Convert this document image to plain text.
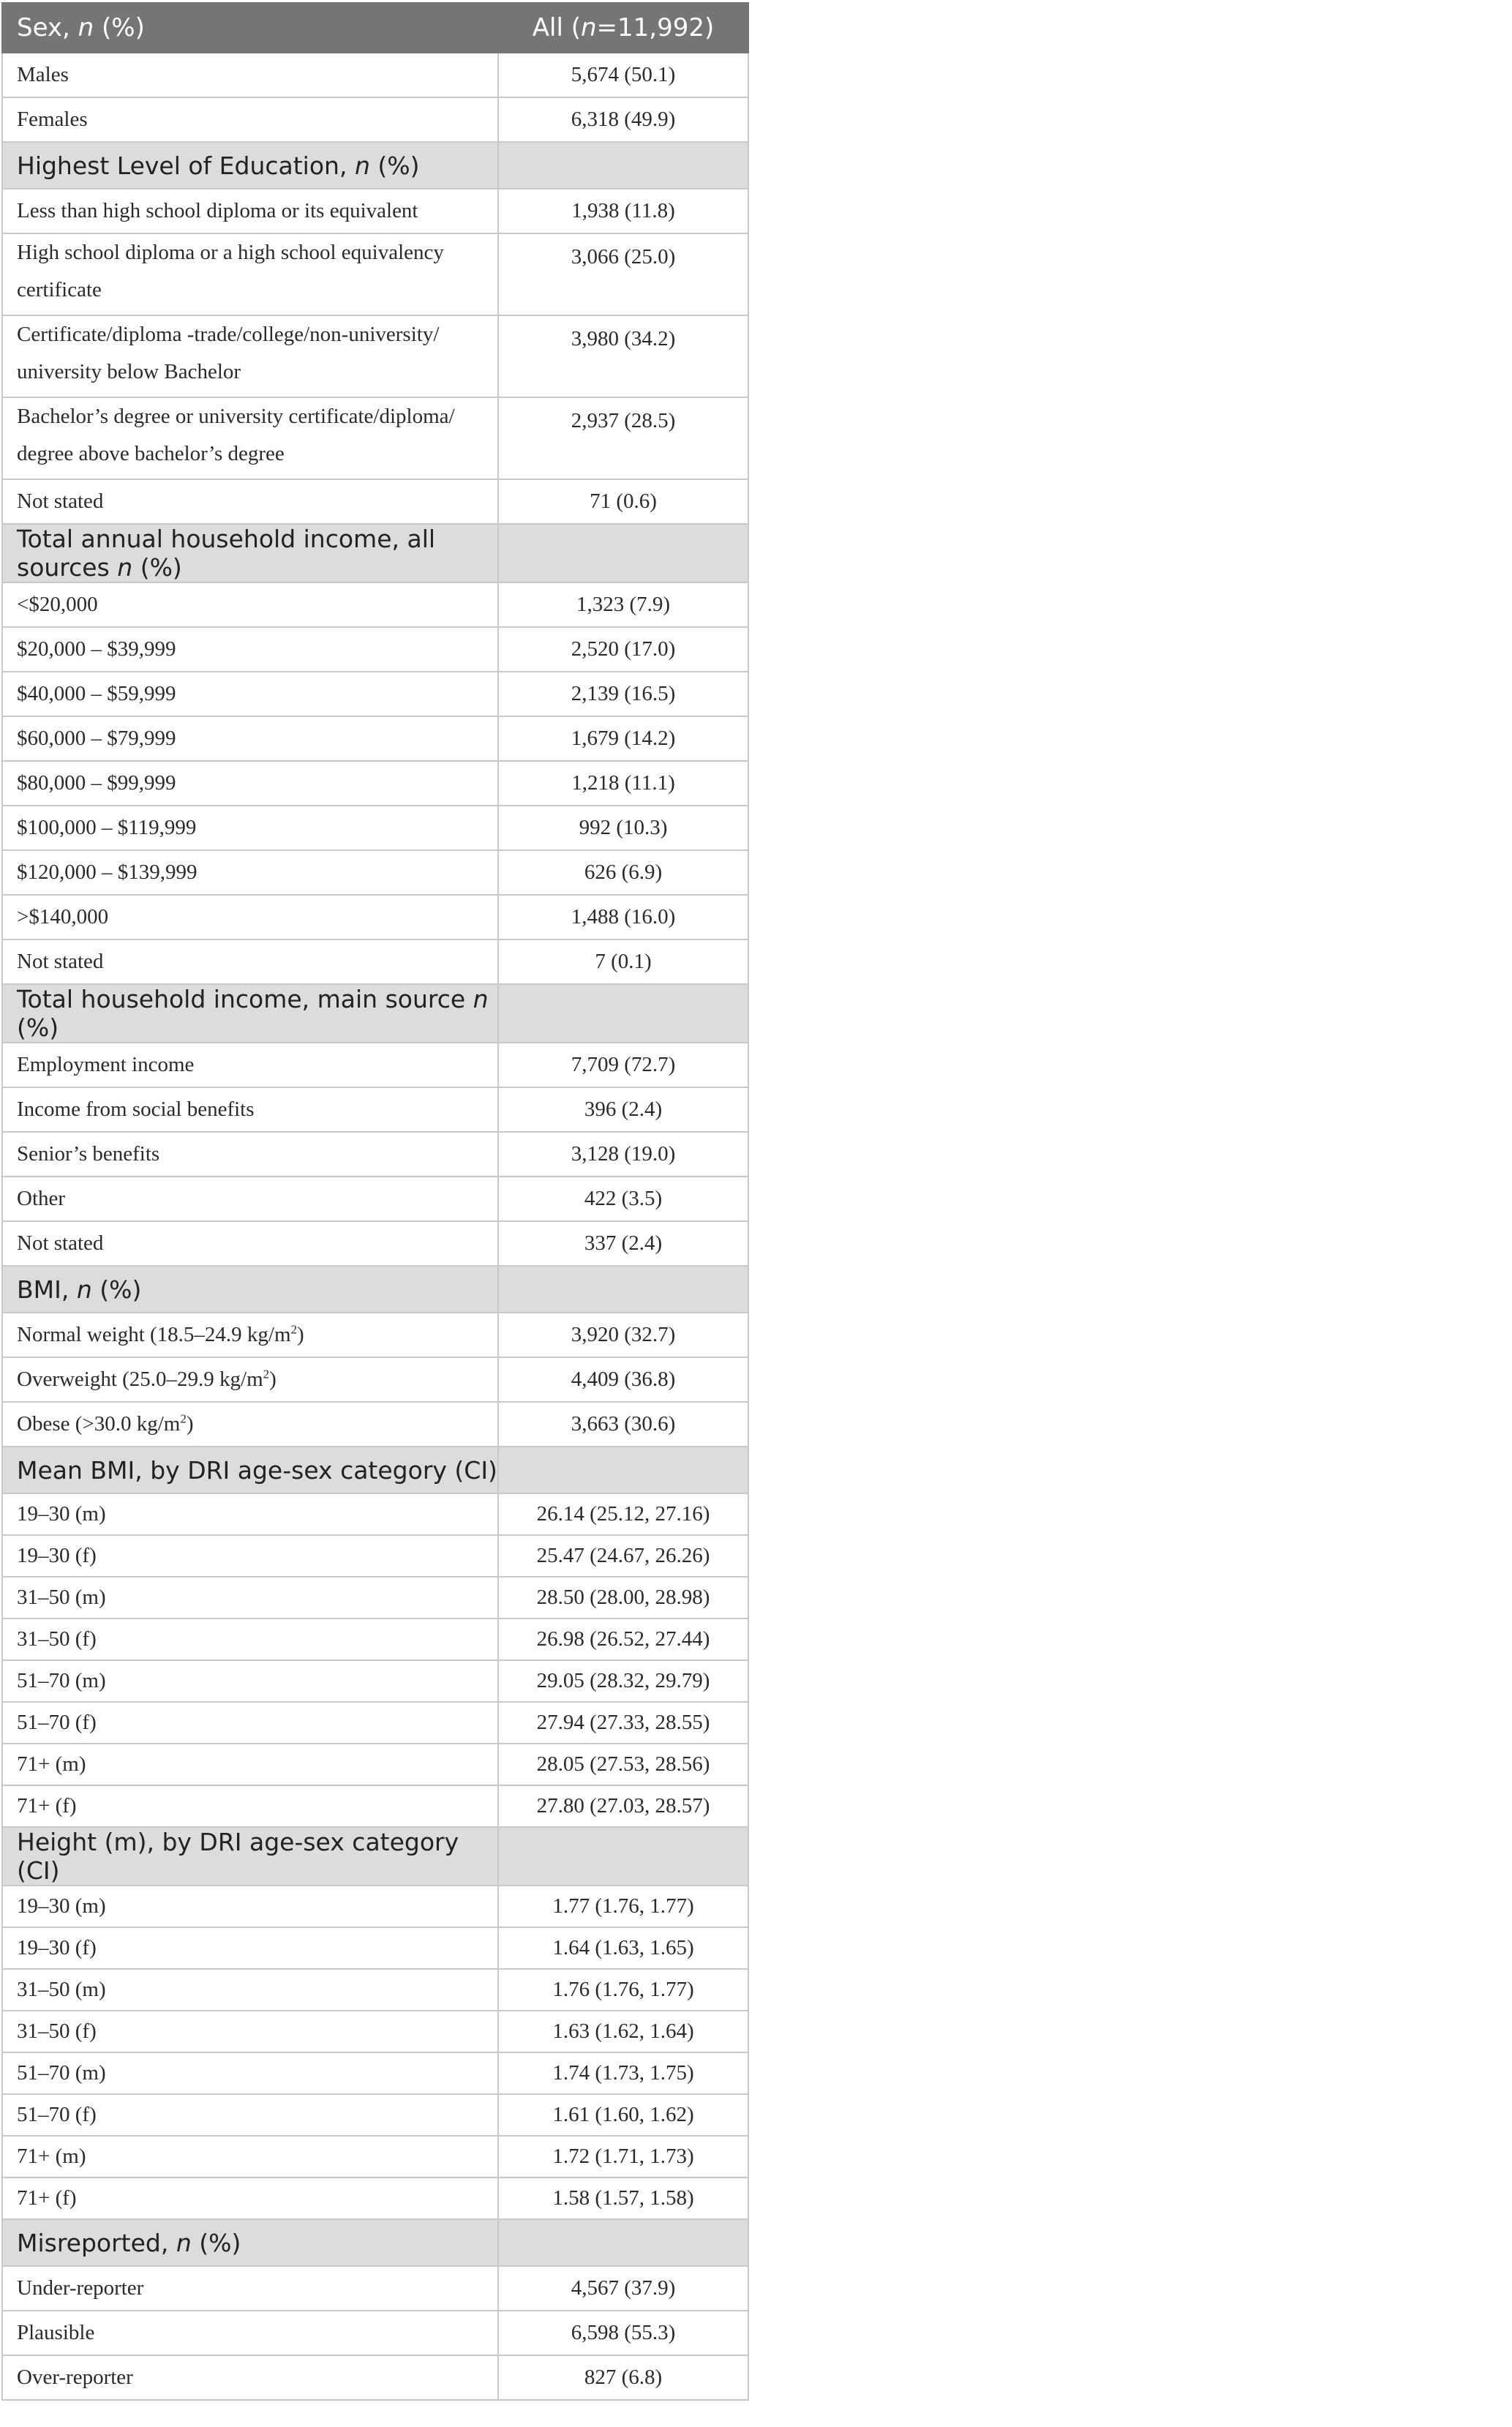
Sex, n (%)	All (n=11,992)
Males	5,674 (50.1)
Females	6,318 (49.9)
Highest Level of Education, n (%)	
Less than high school diploma or its equivalent	1,938 (11.8)
High school diploma or a high school equivalency certificate	3,066 (25.0)
Certificate/diploma -trade/college/non-university/ university below Bachelor	3,980 (34.2)
Bachelor’s degree or university certificate/diploma/ degree above bachelor’s degree	2,937 (28.5)
Not stated	71 (0.6)
Total annual household income, all sources n (%)	
<$20,000	1,323 (7.9)
$20,000 – $39,999	2,520 (17.0)
$40,000 – $59,999	2,139 (16.5)
$60,000 – $79,999	1,679 (14.2)
$80,000 – $99,999	1,218 (11.1)
$100,000 – $119,999	992 (10.3)
$120,000 – $139,999	626 (6.9)
>$140,000	1,488 (16.0)
Not stated	7 (0.1)
Total household income, main source n (%)	
Employment income	7,709 (72.7)
Income from social benefits	396 (2.4)
Senior’s benefits	3,128 (19.0)
Other	422 (3.5)
Not stated	337 (2.4)
BMI, n (%)	
Normal weight (18.5–24.9 $kg/m^2$)	3,920 (32.7)
Overweight (25.0–29.9 $kg/m^2$)	4,409 (36.8)
Obese (>30.0 $kg/m^2$)	3,663 (30.6)
Mean BMI, by DRI age-sex category (CI)	
19–30 (m)	26.14 (25.12, 27.16)
19–30 (f)	25.47 (24.67, 26.26)
31–50 (m)	28.50 (28.00, 28.98)
31–50 (f)	26.98 (26.52, 27.44)
51–70 (m)	29.05 (28.32, 29.79)
51–70 (f)	27.94 (27.33, 28.55)
71+ (m)	28.05 (27.53, 28.56)
71+ (f)	27.80 (27.03, 28.57)
Height (m), by DRI age-sex category (CI)	
19–30 (m)	1.77 (1.76, 1.77)
19–30 (f)	1.64 (1.63, 1.65)
31–50 (m)	1.76 (1.76, 1.77)
31–50 (f)	1.63 (1.62, 1.64)
51–70 (m)	1.74 (1.73, 1.75)
51–70 (f)	1.61 (1.60, 1.62)
71+ (m)	1.72 (1.71, 1.73)
71+ (f)	1.58 (1.57, 1.58)
Misreported, n (%)	
Under-reporter	4,567 (37.9)
Plausible	6,598 (55.3)
Over-reporter	827 (6.8)
